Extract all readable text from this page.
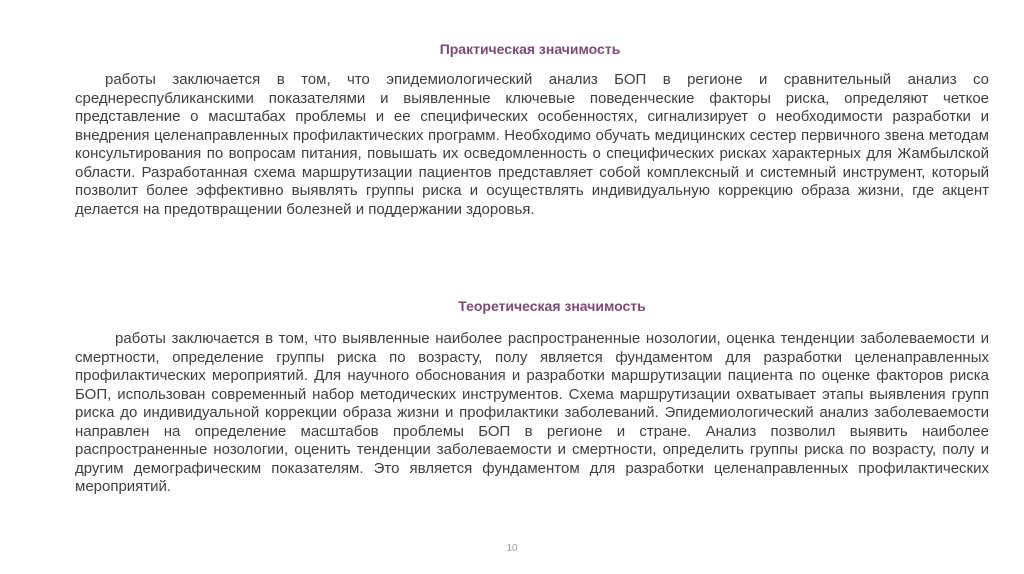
Практическая значимость

работы заключается в том, что эпидемиологический анализ БОП в регионе и сравнительный анализ со среднереспубликанскими показателями и выявленные ключевые поведенческие факторы риска, определяют четкое представление о масштабах проблемы и ее специфических особенностях, сигнализирует о необходимости разработки и внедрения целенаправленных профилактических программ. Необходимо обучать медицинских сестер первичного звена методам консультирования по вопросам питания, повышать их осведомленность о специфических рисках характерных для Жамбылской области. Разработанная схема маршрутизации пациентов представляет собой комплексный и системный инструмент, который позволит более эффективно выявлять группы риска и осуществлять индивидуальную коррекцию образа жизни, где акцент делается на предотвращении болезней и поддержании здоровья.

Теоретическая значимость

работы заключается в том, что выявленные наиболее распространенные нозологии, оценка тенденции заболеваемости и смертности, определение группы риска по возрасту, полу является фундаментом для разработки целенаправленных профилактических мероприятий. Для научного обоснования и разработки маршрутизации пациента по оценке факторов риска БОП, использован современный набор методических инструментов. Схема маршрутизации охватывает этапы выявления групп риска до индивидуальной коррекции образа жизни и профилактики заболеваний. Эпидемиологический анализ заболеваемости направлен на определение масштабов проблемы БОП в регионе и стране. Анализ позволил выявить наиболее распространенные нозологии, оценить тенденции заболеваемости и смертности, определить группы риска по возрасту, полу и другим демографическим показателям. Это является фундаментом для разработки целенаправленных профилактических мероприятий.

10
